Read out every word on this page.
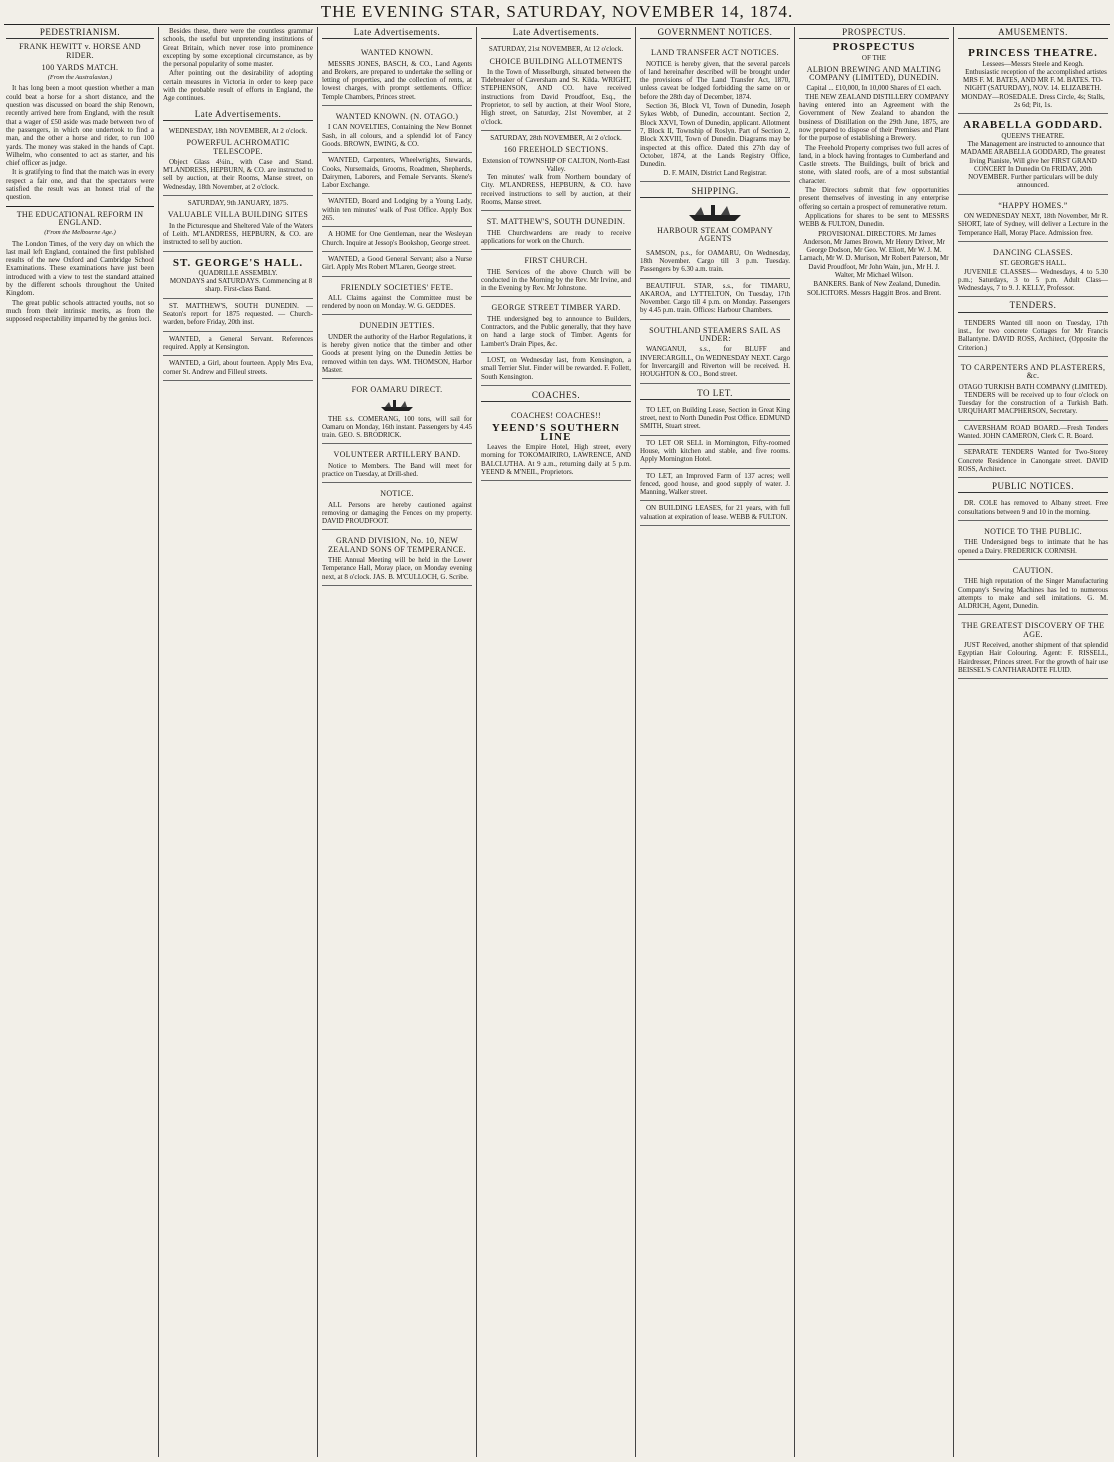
THE EVENING STAR, SATURDAY, NOVEMBER 14, 1874.
PEDESTRIANISM.
FRANK HEWITT v. HORSE AND RIDER.
100 YARDS MATCH.
(From the Australasian.)

It has long been a moot question whether a man could beat a horse for a short distance, and the question was discussed on board the ship Renown, recently arrived here from England, with the result that a wager of £50 aside was made between two of the passengers, in which one undertook to find a man, and the other a horse and rider, to run 100 yards. The money was staked in the hands of Capt. Wilhelm, who consented to act as starter, and his chief officer as judge.

It is gratifying to find that the match was in every respect a fair one, and that the spectators were satisfied the result was an honest trial of the question.

THE EDUCATIONAL REFORM IN ENGLAND.
(From the Melbourne Age.)

The London Times, of the very day on which the last mail left England, contained the first published results of the new Oxford and Cambridge School Examinations. These examinations have just been introduced with a view to test the standard attained by the different schools throughout the United Kingdom.

The great public schools attracted youths, not so much from their intrinsic merits, as from the supposed respectability imparted by the genius loci.

Besides these, there were the countless grammar schools, the useful but unpretending institutions of Great Britain, which never rose into prominence excepting by some exceptional circumstance, as by the personal popularity of some master.

After pointing out the desirability of adopting certain measures in Victoria in order to keep pace with the probable result of efforts in England, the Age continues.

Late Advertisements.
WEDNESDAY, 18th NOVEMBER, At 2 o'clock.
POWERFUL ACHROMATIC TELESCOPE.

Object Glass 4¼in., with Case and Stand. M'LANDRESS, HEPBURN, & CO. are instructed to sell by auction, at their Rooms, Manse street, on Wednesday, 18th November, at 2 o'clock.

SATURDAY, 9th JANUARY, 1875.
VALUABLE VILLA BUILDING SITES

In the Picturesque and Sheltered Vale of the Waters of Leith. M'LANDRESS, HEPBURN, & CO. are instructed to sell by auction.

ST. GEORGE'S HALL.
QUADRILLE ASSEMBLY.

MONDAYS and SATURDAYS. Commencing at 8 sharp. First-class Band.

ST. MATTHEW'S, SOUTH DUNEDIN. — Seaton's report for 1875 requested. — Church-warden, before Friday, 20th inst.

WANTED, a General Servant. References required. Apply at Kensington.

WANTED, a Girl, about fourteen. Apply Mrs Eva, corner St. Andrew and Filleul streets.

Late Advertisements.
WANTED KNOWN.

MESSRS JONES, BASCH, & CO., Land Agents and Brokers, are prepared to undertake the selling or letting of properties, and the collection of rents, at lowest charges, with prompt settlements. Office: Temple Chambers, Princes street.

WANTED KNOWN. (N. OTAGO.)

I CAN NOVELTIES, Containing the New Bonnet Sash, in all colours, and a splendid lot of Fancy Goods. BROWN, EWING, & CO.

WANTED, Carpenters, Wheelwrights, Stewards, Cooks, Nursemaids, Grooms, Roadmen, Shepherds, Dairymen, Laborers, and Female Servants. Skene's Labor Exchange.

WANTED, Board and Lodging by a Young Lady, within ten minutes' walk of Post Office. Apply Box 265.

A HOME for One Gentleman, near the Wesleyan Church. Inquire at Jessop's Bookshop, George street.

WANTED, a Good General Servant; also a Nurse Girl. Apply Mrs Robert M'Laren, George street.

FRIENDLY SOCIETIES' FETE.

ALL Claims against the Committee must be rendered by noon on Monday. W. G. GEDDES.

DUNEDIN JETTIES.

UNDER the authority of the Harbor Regulations, it is hereby given notice that the timber and other Goods at present lying on the Dunedin Jetties be removed within ten days. WM. THOMSON, Harbor Master.

FOR OAMARU DIRECT.

THE s.s. COMERANG, 100 tons, will sail for Oamaru on Monday, 16th instant. Passengers by 4.45 train. GEO. S. BRODRICK.

VOLUNTEER ARTILLERY BAND.

Notice to Members. The Band will meet for practice on Tuesday, at Drill-shed.

NOTICE.

ALL Persons are hereby cautioned against removing or damaging the Fences on my property. DAVID PROUDFOOT.

GRAND DIVISION, No. 10, NEW ZEALAND SONS OF TEMPERANCE.

THE Annual Meeting will be held in the Lower Temperance Hall, Moray place, on Monday evening next, at 8 o'clock. JAS. B. M'CULLOCH, G. Scribe.

Late Advertisements.
SATURDAY, 21st NOVEMBER, At 12 o'clock.
CHOICE BUILDING ALLOTMENTS

In the Town of Musselburgh, situated between the Tidebreaker of Caversham and St. Kilda. WRIGHT, STEPHENSON, AND CO. have received instructions from David Proudfoot, Esq., the Proprietor, to sell by auction, at their Wool Store, High street, on Saturday, 21st November, at 2 o'clock.

SATURDAY, 28th NOVEMBER, At 2 o'clock.
160 FREEHOLD SECTIONS.
Extension of TOWNSHIP OF CALTON, North-East Valley.

Ten minutes' walk from Northern boundary of City. M'LANDRESS, HEPBURN, & CO. have received instructions to sell by auction, at their Rooms, Manse street.

ST. MATTHEW'S, SOUTH DUNEDIN.

THE Churchwardens are ready to receive applications for work on the Church.

FIRST CHURCH.

THE Services of the above Church will be conducted in the Morning by the Rev. Mr Irvine, and in the Evening by Rev. Mr Johnstone.

GEORGE STREET TIMBER YARD.

THE undersigned beg to announce to Builders, Contractors, and the Public generally, that they have on hand a large stock of Timber. Agents for Lambert's Drain Pipes, &c.

LOST, on Wednesday last, from Kensington, a small Terrier Slut. Finder will be rewarded. F. Follett, South Kensington.

COACHES.
COACHES! COACHES!!
YEEND'S SOUTHERN LINE

Leaves the Empire Hotel, High street, every morning for TOKOMAIRIRO, LAWRENCE, AND BALCLUTHA. At 9 a.m., returning daily at 5 p.m. YEEND & M'NEIL, Proprietors.

GOVERNMENT NOTICES.
LAND TRANSFER ACT NOTICES.

NOTICE is hereby given, that the several parcels of land hereinafter described will be brought under the provisions of The Land Transfer Act, 1870, unless caveat be lodged forbidding the same on or before the 28th day of December, 1874.

Section 36, Block VI, Town of Dunedin, Joseph Sykes Webb, of Dunedin, accountant. Section 2, Block XXVI, Town of Dunedin, applicant. Allotment 7, Block II, Township of Roslyn. Part of Section 2, Block XXVIII, Town of Dunedin. Diagrams may be inspected at this office. Dated this 27th day of October, 1874, at the Lands Registry Office, Dunedin.

D. F. MAIN, District Land Registrar.
SHIPPING.
HARBOUR STEAM COMPANY AGENTS

SAMSON, p.s., for OAMARU, On Wednesday, 18th November. Cargo till 3 p.m. Tuesday. Passengers by 6.30 a.m. train.

BEAUTIFUL STAR, s.s., for TIMARU, AKAROA, and LYTTELTON, On Tuesday, 17th November. Cargo till 4 p.m. on Monday. Passengers by 4.45 p.m. train. Offices: Harbour Chambers.

SOUTHLAND STEAMERS SAIL AS UNDER:

WANGANUI, s.s., for BLUFF and INVERCARGILL, On WEDNESDAY NEXT. Cargo for Invercargill and Riverton will be received. H. HOUGHTON & CO., Bond street.

TO LET.

TO LET, on Building Lease, Section in Great King street, next to North Dunedin Post Office. EDMUND SMITH, Stuart street.

TO LET OR SELL in Mornington, Fifty-roomed House, with kitchen and stable, and five rooms. Apply Mornington Hotel.

TO LET, an Improved Farm of 137 acres; well fenced, good house, and good supply of water. J. Manning, Walker street.

ON BUILDING LEASES, for 21 years, with full valuation at expiration of lease. WEBB & FULTON.

PROSPECTUS.
PROSPECTUS
OF THE
ALBION BREWING AND MALTING COMPANY (LIMITED), DUNEDIN.
Capital ... £10,000, In 10,000 Shares of £1 each.

THE NEW ZEALAND DISTILLERY COMPANY having entered into an Agreement with the Government of New Zealand to abandon the business of Distillation on the 29th June, 1875, are now prepared to dispose of their Premises and Plant for the purpose of establishing a Brewery.

The Freehold Property comprises two full acres of land, in a block having frontages to Cumberland and Castle streets. The Buildings, built of brick and stone, with slated roofs, are of a most substantial character.

The Directors submit that few opportunities present themselves of investing in any enterprise offering so certain a prospect of remunerative return.

Applications for shares to be sent to MESSRS WEBB & FULTON, Dunedin.

PROVISIONAL DIRECTORS. Mr James Anderson, Mr James Brown, Mr Henry Driver, Mr George Dodson, Mr Geo. W. Eliott, Mr W. J. M. Larnach, Mr W. D. Murison, Mr Robert Paterson, Mr David Proudfoot, Mr John Wain, jun., Mr H. J. Walter, Mr Michael Wilson.

BANKERS. Bank of New Zealand, Dunedin. SOLICITORS. Messrs Haggitt Bros. and Brent.

AMUSEMENTS.
PRINCESS THEATRE.
Lessees—Messrs Steele and Keogh.

Enthusiastic reception of the accomplished artistes MRS F. M. BATES, AND MR F. M. BATES. TO-NIGHT (SATURDAY), NOV. 14. ELIZABETH. MONDAY—ROSEDALE. Dress Circle, 4s; Stalls, 2s 6d; Pit, 1s.

ARABELLA GODDARD.
QUEEN'S THEATRE.

The Management are instructed to announce that MADAME ARABELLA GODDARD, The greatest living Pianiste, Will give her FIRST GRAND CONCERT In Dunedin On FRIDAY, 20th NOVEMBER. Further particulars will be duly announced.

“HAPPY HOMES.”

ON WEDNESDAY NEXT, 18th November, Mr R. SHORT, late of Sydney, will deliver a Lecture in the Temperance Hall, Moray Place. Admission free.

DANCING CLASSES.
ST. GEORGE'S HALL.

JUVENILE CLASSES— Wednesdays, 4 to 5.30 p.m.; Saturdays, 3 to 5 p.m. Adult Class—Wednesdays, 7 to 9. J. KELLY, Professor.

TENDERS.

TENDERS Wanted till noon on Tuesday, 17th inst., for two concrete Cottages for Mr Francis Ballantyne. DAVID ROSS, Architect, (Opposite the Criterion.)

TO CARPENTERS AND PLASTERERS, &c.
OTAGO TURKISH BATH COMPANY (LIMITED).

TENDERS will be received up to four o'clock on Tuesday for the construction of a Turkish Bath. URQUHART MACPHERSON, Secretary.

CAVERSHAM ROAD BOARD.—Fresh Tenders Wanted. JOHN CAMERON, Clerk C. R. Board.

SEPARATE TENDERS Wanted for Two-Storey Concrete Residence in Canongate street. DAVID ROSS, Architect.

PUBLIC NOTICES.

DR. COLE has removed to Albany street. Free consultations between 9 and 10 in the morning.

NOTICE TO THE PUBLIC.

THE Undersigned begs to intimate that he has opened a Dairy. FREDERICK CORNISH.

CAUTION.

THE high reputation of the Singer Manufacturing Company's Sewing Machines has led to numerous attempts to make and sell imitations. G. M. ALDRICH, Agent, Dunedin.

THE GREATEST DISCOVERY OF THE AGE.

JUST Received, another shipment of that splendid Egyptian Hair Colouring. Agent: F. RISSELL, Hairdresser, Princes street. For the growth of hair use BEISSEL'S CANTHARADITE FLUID.
